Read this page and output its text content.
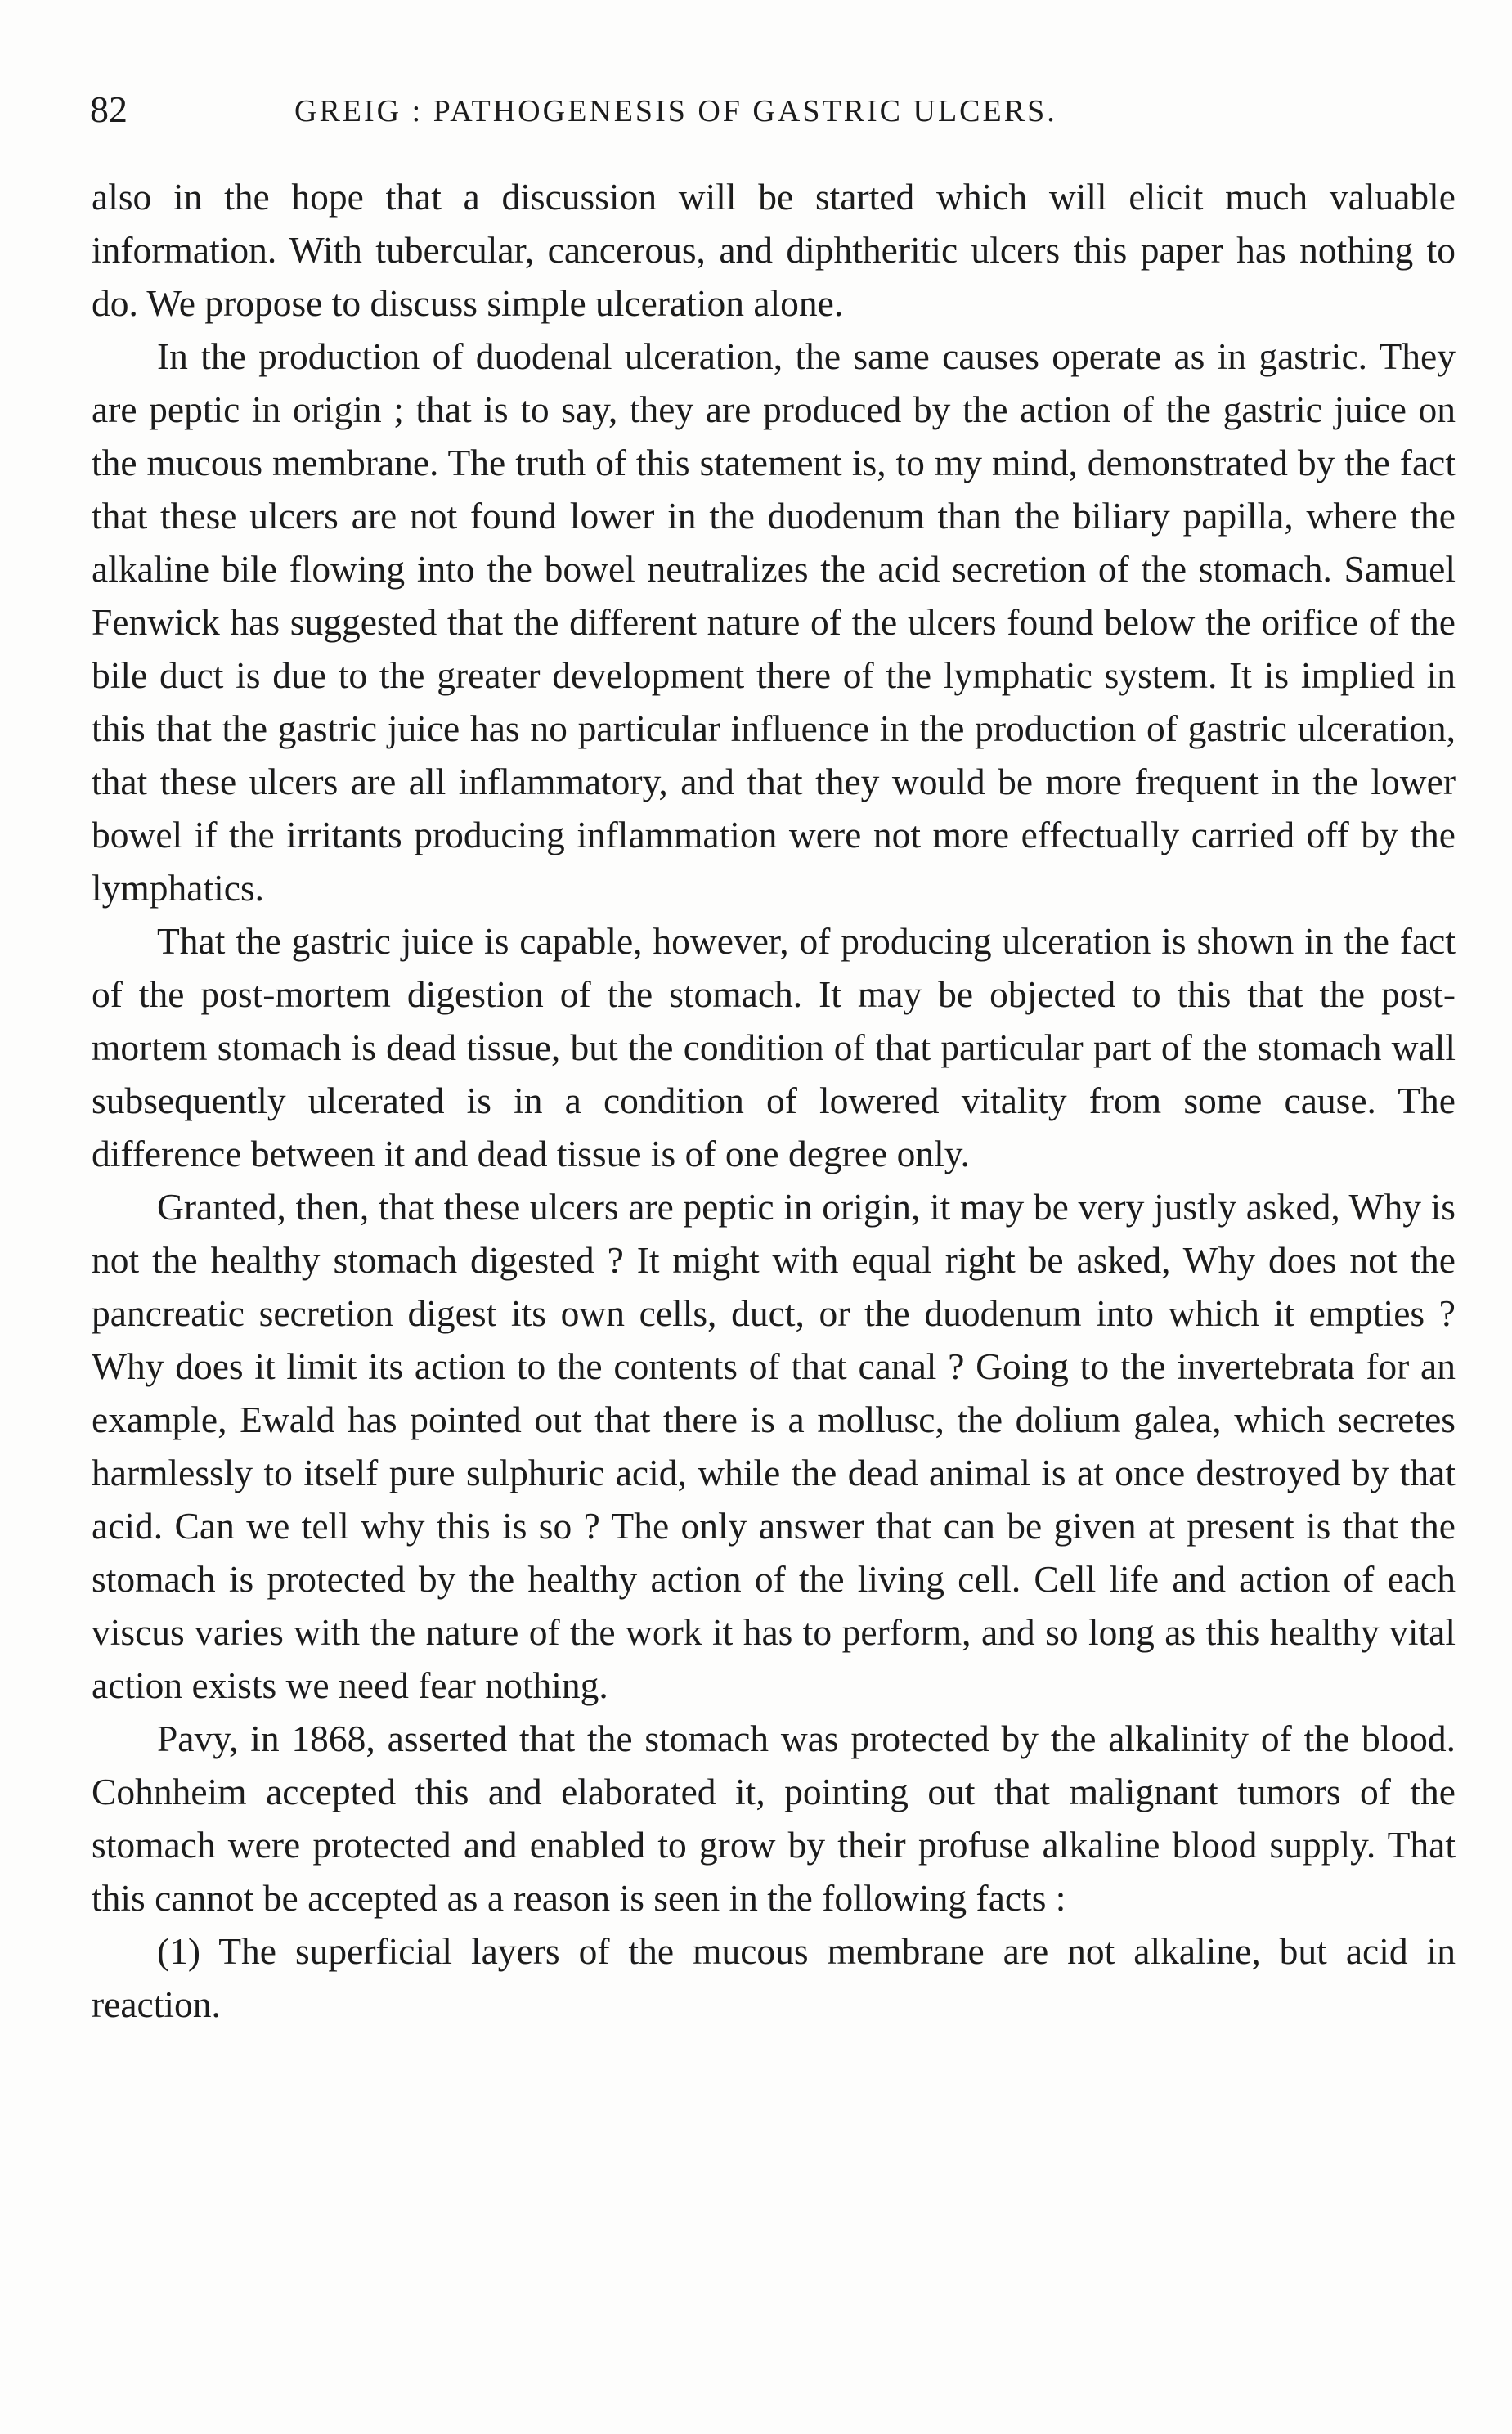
82	GREIG : PATHOGENESIS OF GASTRIC ULCERS.

also in the hope that a discussion will be started which will elicit much valuable information. With tubercular, cancerous, and diphtheritic ulcers this paper has nothing to do. We propose to discuss simple ulceration alone.

In the production of duodenal ulceration, the same causes operate as in gastric. They are peptic in origin ; that is to say, they are produced by the action of the gastric juice on the mucous membrane. The truth of this statement is, to my mind, demonstrated by the fact that these ulcers are not found lower in the duodenum than the biliary papilla, where the alkaline bile flowing into the bowel neutralizes the acid secretion of the stomach. Samuel Fenwick has suggested that the different nature of the ulcers found below the orifice of the bile duct is due to the greater development there of the lymphatic system. It is implied in this that the gastric juice has no particular influence in the production of gastric ulceration, that these ulcers are all inflammatory, and that they would be more frequent in the lower bowel if the irritants producing inflammation were not more effectually carried off by the lymphatics.

That the gastric juice is capable, however, of producing ulceration is shown in the fact of the post-mortem digestion of the stomach. It may be objected to this that the post-mortem stomach is dead tissue, but the condition of that particular part of the stomach wall subsequently ulcerated is in a condition of lowered vitality from some cause. The difference between it and dead tissue is of one degree only.

Granted, then, that these ulcers are peptic in origin, it may be very justly asked, Why is not the healthy stomach digested ? It might with equal right be asked, Why does not the pancreatic secretion digest its own cells, duct, or the duodenum into which it empties ? Why does it limit its action to the contents of that canal ? Going to the invertebrata for an example, Ewald has pointed out that there is a mollusc, the dolium galea, which secretes harmlessly to itself pure sulphuric acid, while the dead animal is at once destroyed by that acid. Can we tell why this is so ? The only answer that can be given at present is that the stomach is protected by the healthy action of the living cell. Cell life and action of each viscus varies with the nature of the work it has to perform, and so long as this healthy vital action exists we need fear nothing.

Pavy, in 1868, asserted that the stomach was protected by the alkalinity of the blood. Cohnheim accepted this and elaborated it, pointing out that malignant tumors of the stomach were protected and enabled to grow by their profuse alkaline blood supply. That this cannot be accepted as a reason is seen in the following facts :

(1) The superficial layers of the mucous membrane are not alkaline, but acid in reaction.
